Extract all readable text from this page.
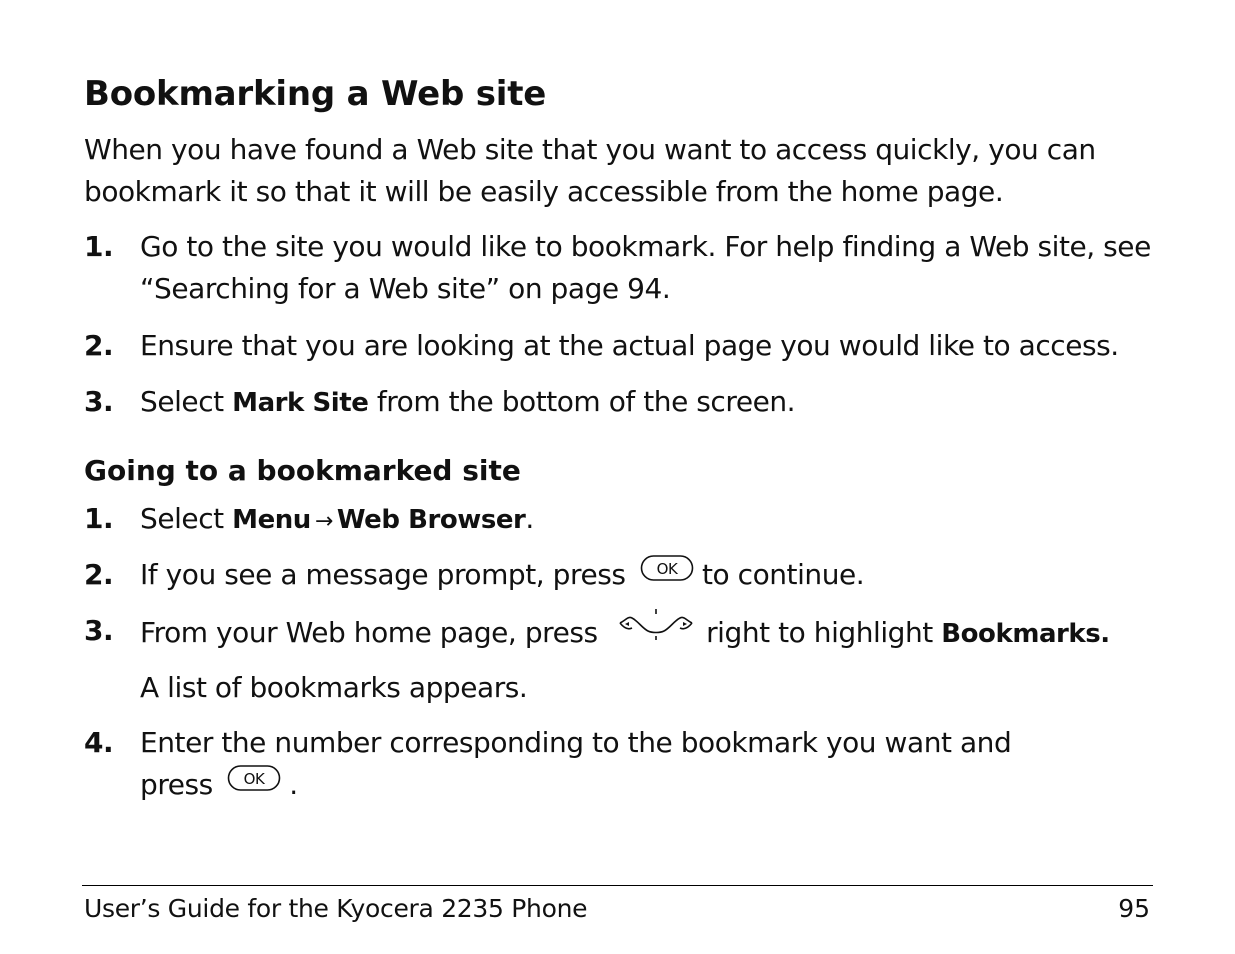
Bookmarking a Web site
When you have found a Web site that you want to access quickly, you can bookmark it so that it will be easily accessible from the home page.
1. Go to the site you would like to bookmark. For help finding a Web site, see “Searching for a Web site” on page 94.
2. Ensure that you are looking at the actual page you would like to access.
3. Select Mark Site from the bottom of the screen.
Going to a bookmarked site
1. Select Menu → Web Browser.
2. If you see a message prompt, press OK to continue.
3. From your Web home page, press	right to highlight Bookmarks.
A list of bookmarks appears.
4. Enter the number corresponding to the bookmark you want and
press OK .
User’s Guide for the Kyocera 2235 Phone	95
